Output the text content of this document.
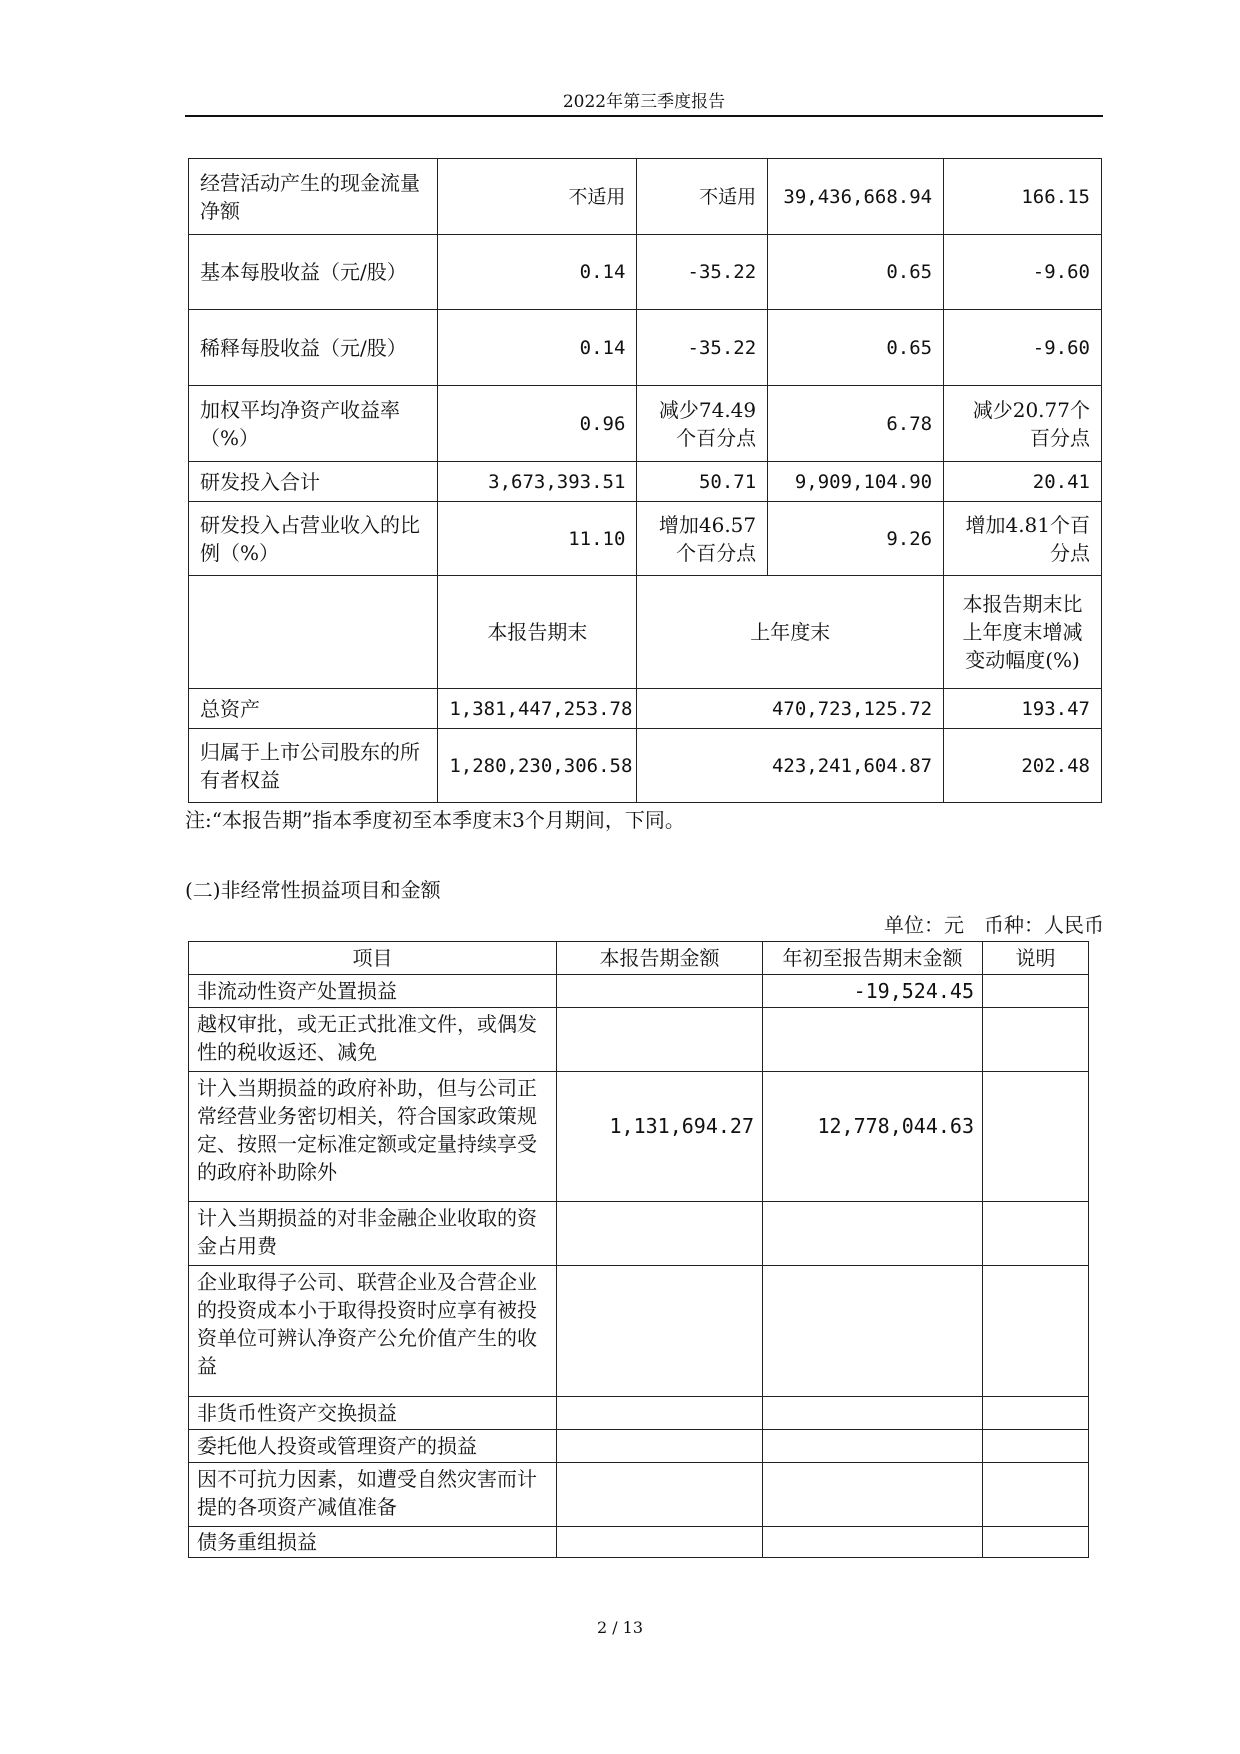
2022年第三季度报告
经营活动产生的现金流量净额	不适用	不适用	39,436,668.94	166.15
基本每股收益（元/股）	0.14	-35.22	0.65	-9.60
稀释每股收益（元/股）	0.14	-35.22	0.65	-9.60
加权平均净资产收益率（%）	0.96	减少74.49个百分点	6.78	减少20.77个百分点
研发投入合计	3,673,393.51	50.71	9,909,104.90	20.41
研发投入占营业收入的比例（%）	11.10	增加46.57个百分点	9.26	增加4.81个百分点
	本报告期末	上年度末		本报告期末比上年度末增减变动幅度(%)
总资产	1,381,447,253.78	470,723,125.72		193.47
归属于上市公司股东的所有者权益	1,280,230,306.58	423,241,604.87		202.48
注:“本报告期”指本季度初至本季度末3个月期间，下同。
(二)非经常性损益项目和金额
单位：元　币种：人民币
项目	本报告期金额	年初至报告期末金额	说明
非流动性资产处置损益		-19,524.45	
越权审批，或无正式批准文件，或偶发性的税收返还、减免			
计入当期损益的政府补助，但与公司正常经营业务密切相关，符合国家政策规定、按照一定标准定额或定量持续享受的政府补助除外	1,131,694.27	12,778,044.63	
计入当期损益的对非金融企业收取的资金占用费			
企业取得子公司、联营企业及合营企业的投资成本小于取得投资时应享有被投资单位可辨认净资产公允价值产生的收益			
非货币性资产交换损益			
委托他人投资或管理资产的损益			
因不可抗力因素，如遭受自然灾害而计提的各项资产减值准备			
债务重组损益			
2 / 13
